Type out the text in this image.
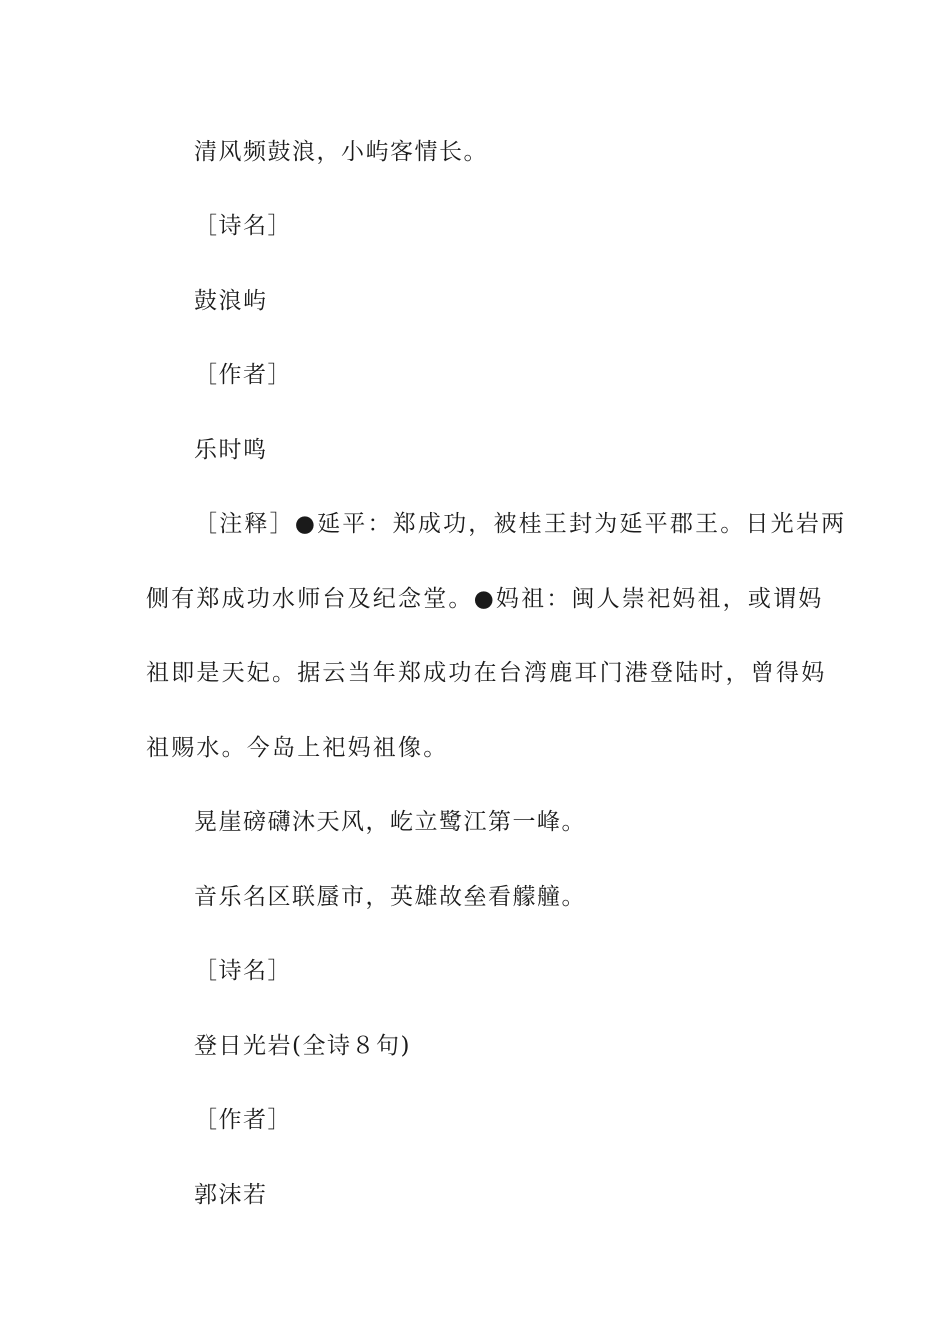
清风频鼓浪，小屿客情长。

［诗名］

鼓浪屿

［作者］

乐时鸣

［注释］●延平：郑成功，被桂王封为延平郡王。日光岩两

侧有郑成功水师台及纪念堂。●妈祖：闽人崇祀妈祖，或谓妈

祖即是天妃。据云当年郑成功在台湾鹿耳门港登陆时，曾得妈

祖赐水。今岛上祀妈祖像。

晃崖磅礴沐天风，屹立鹭江第一峰。

音乐名区联蜃市，英雄故垒看艨艟。

［诗名］

登日光岩(全诗８句)

［作者］

郭沫若
